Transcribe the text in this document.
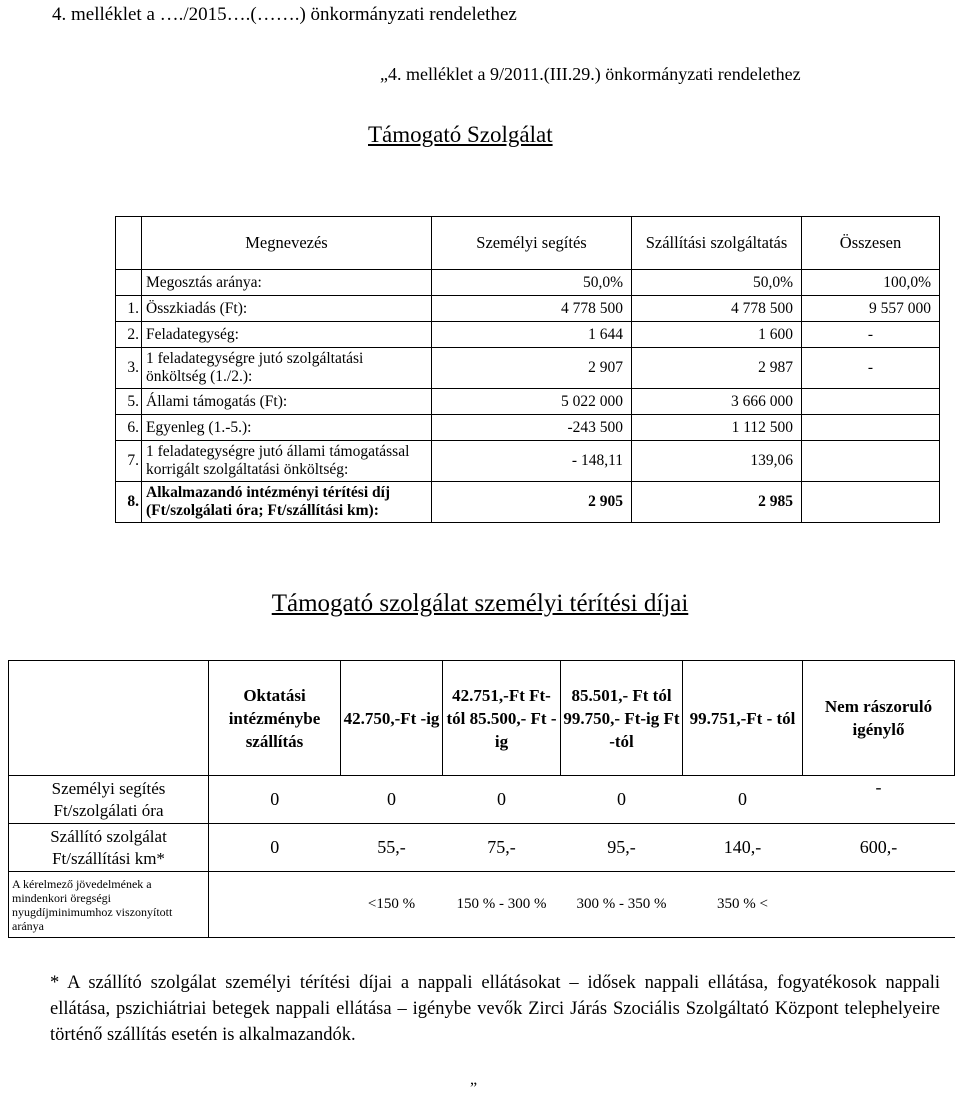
4. melléklet a …./2015….(…….) önkormányzati rendelethez
„4. melléklet a 9/2011.(III.29.) önkormányzati rendelethez
Támogató Szolgálat
	Megnevezés	Személyi segítés	Szállítási szolgáltatás	Összesen
	Megosztás aránya:	50,0%	50,0%	100,0%
1.	Összkiadás (Ft):	4 778 500	4 778 500	9 557 000
2.	Feladategység:	1 644	1 600	-
3.	1 feladategységre jutó szolgáltatási önköltség (1./2.):	2 907	2 987	-
5.	Állami támogatás (Ft):	5 022 000	3 666 000	
6.	Egyenleg (1.-5.):	-243 500	1 112 500	
7.	1 feladategységre jutó állami támogatással korrigált szolgáltatási önköltség:	- 148,11	139,06	
8.	Alkalmazandó intézményi térítési díj (Ft/szolgálati óra; Ft/szállítási km):	2 905	2 985	
Támogató szolgálat személyi térítési díjai
	Oktatási intézménybe szállítás	42.750,-Ft -ig	42.751,-Ft Ft-tól 85.500,- Ft -ig	85.501,- Ft tól 99.750,- Ft-ig Ft -tól	99.751,-Ft - tól	Nem rászoruló igénylő
Személyi segítés Ft/szolgálati óra	0	0	0	0	0	-
Szállító szolgálat Ft/szállítási km*	0	55,-	75,-	95,-	140,-	600,-
A kérelmező jövedelmének a mindenkori öregségi nyugdíjminimumhoz viszonyított aránya		<150 %	150 % - 300 %	300 % - 350 %	350 % <	
* A szállító szolgálat személyi térítési díjai a nappali ellátásokat – idősek nappali ellátása, fogyatékosok nappali ellátása, pszichiátriai betegek nappali ellátása – igénybe vevők Zirci Járás Szociális Szolgáltató Központ telephelyeire történő szállítás esetén is alkalmazandók.
”
